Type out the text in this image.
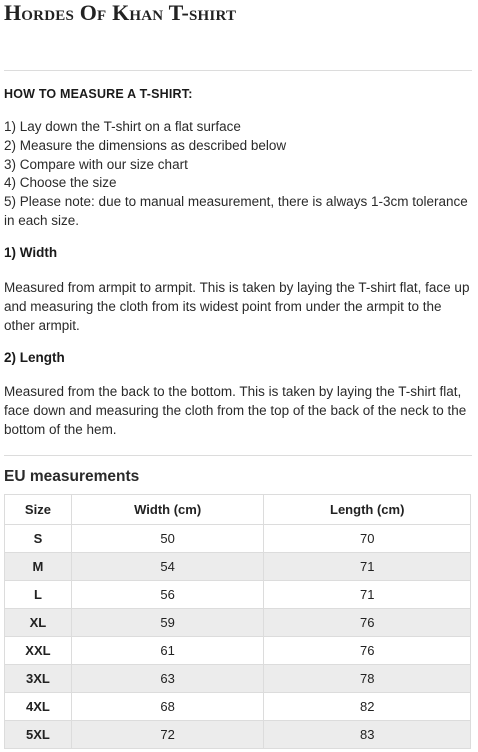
Hordes Of Khan T-shirt
HOW TO MEASURE A T-SHIRT:
1) Lay down the T-shirt on a flat surface
2) Measure the dimensions as described below
3) Compare with our size chart
4) Choose the size
5) Please note: due to manual measurement, there is always 1-3cm tolerance in each size.
1) Width

Measured from armpit to armpit. This is taken by laying the T-shirt flat, face up and measuring the cloth from its widest point from under the armpit to the other armpit.

2) Length

Measured from the back to the bottom. This is taken by laying the T-shirt flat, face down and measuring the cloth from the top of the back of the neck to the bottom of the hem.

EU measurements
Size	Width (cm)	Length (cm)
S	50	70
M	54	71
L	56	71
XL	59	76
XXL	61	76
3XL	63	78
4XL	68	82
5XL	72	83
